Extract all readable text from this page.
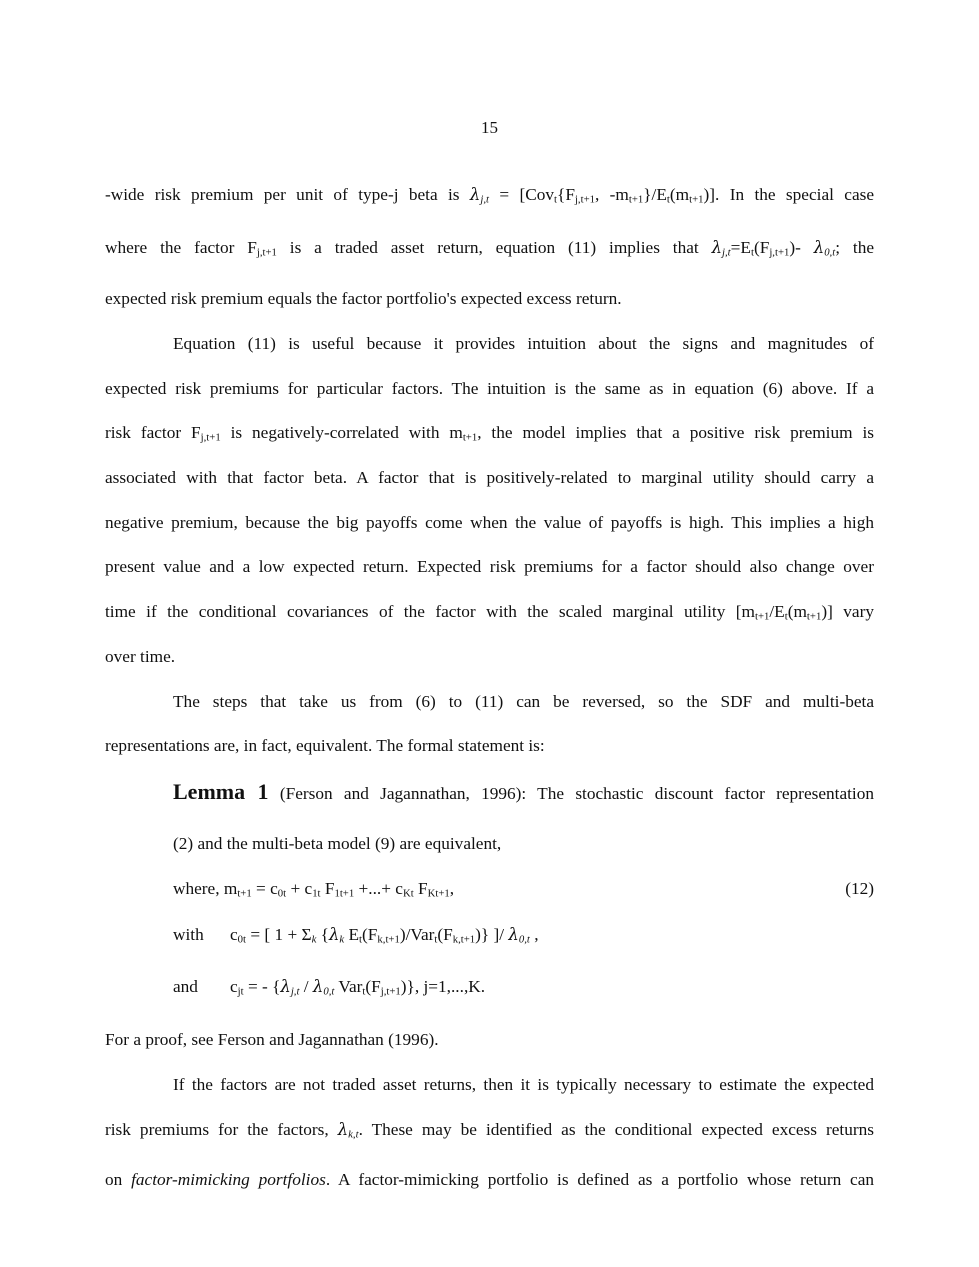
15
-wide risk premium per unit of type-j beta is $\lambda_{j,t} = [Cov_t\{F_{j,t+1}$, $-m_{t+1}\}/E_t(m_{t+1})$]. In the special case
where the factor $F_{j,t+1}$ is a traded asset return, equation (11) implies that $\lambda_{j,t}=E_t(F_{j,t+1})-$ $\lambda_{0,t}$; the
expected risk premium equals the factor portfolio's expected excess return.
Equation (11) is useful because it provides intuition about the signs and magnitudes of
expected risk premiums for particular factors. The intuition is the same as in equation (6) above. If a
risk factor $F_{j,t+1}$ is negatively-correlated with $m_{t+1}$, the model implies that a positive risk premium is
associated with that factor beta. A factor that is positively-related to marginal utility should carry a
negative premium, because the big payoffs come when the value of payoffs is high. This implies a high
present value and a low expected return. Expected risk premiums for a factor should also change over
time if the conditional covariances of the factor with the scaled marginal utility $[m_{t+1}/E_t(m_{t+1})]$ vary
over time.
The steps that take us from (6) to (11) can be reversed, so the SDF and multi-beta
representations are, in fact, equivalent. The formal statement is:
Lemma 1 (Ferson and Jagannathan, 1996): The stochastic discount factor representation
(2) and the multi-beta model (9) are equivalent,
where, $m_{t+1} = c_{0t} + c_{1t}$ $F_{1t+1}$ +...+ $c_{Kt}$ $F_{Kt+1}$,	(12)
with $c_{0t}$ = [ $1 + \Sigma_k$ {$\lambda_k$ $E_t(F_{k,t+1})/Var_t(F_{k,t+1})$} ]/ $\lambda_{0,t}$ ,
and $c_{jt}$ = - {$\lambda_{j,t} / \lambda_{0,t}$ $Var_t(F_{j,t+1})$}, j=1,...,K.
For a proof, see Ferson and Jagannathan (1996).
If the factors are not traded asset returns, then it is typically necessary to estimate the expected
risk premiums for the factors, $\lambda_{k,t}$. These may be identified as the conditional expected excess returns
on factor-mimicking portfolios. A factor-mimicking portfolio is defined as a portfolio whose return can
